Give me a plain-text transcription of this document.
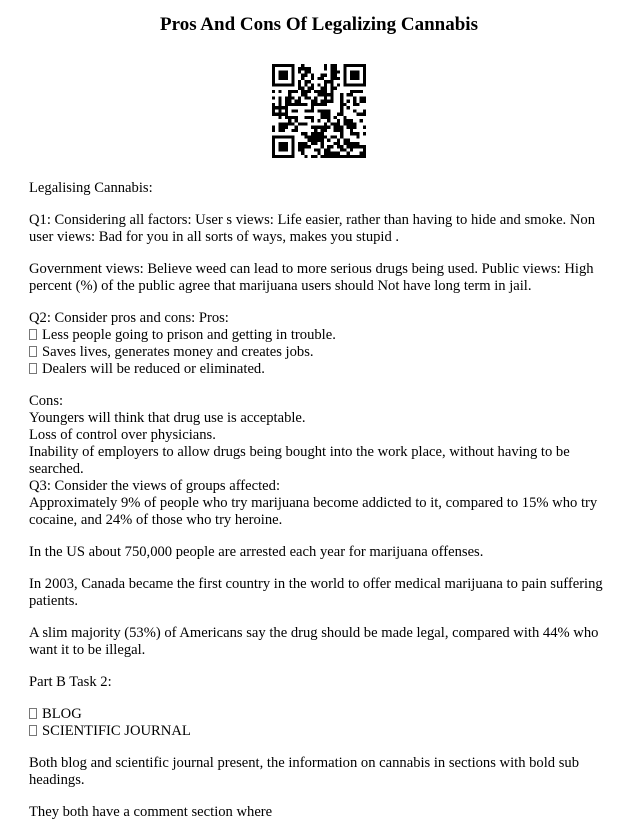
Pros And Cons Of Legalizing Cannabis

Legalising Cannabis:

Q1: Considering all factors: User s views: Life easier, rather than having to hide and smoke. Non user views: Bad for you in all sorts of ways, makes you stupid .

Government views: Believe weed can lead to more serious drugs being used. Public views: High percent (%) of the public agree that marijuana users should Not have long term in jail.

Q2: Consider pros and cons: Pros:
Less people going to prison and getting in trouble.
Saves lives, generates money and creates jobs.
Dealers will be reduced or eliminated.

Cons:
Youngers will think that drug use is acceptable.
Loss of control over physicians.
Inability of employers to allow drugs being bought into the work place, without having to be searched.
Q3: Consider the views of groups affected:
Approximately 9% of people who try marijuana become addicted to it, compared to 15% who try cocaine, and 24% of those who try heroine.

In the US about 750,000 people are arrested each year for marijuana offenses.

In 2003, Canada became the first country in the world to offer medical marijuana to pain suffering patients.

A slim majority (53%) of Americans say the drug should be made legal, compared with 44% who want it to be illegal.

Part B Task 2:

BLOG
SCIENTIFIC JOURNAL

Both blog and scientific journal present, the information on cannabis in sections with bold sub headings.

They both have a comment section where
